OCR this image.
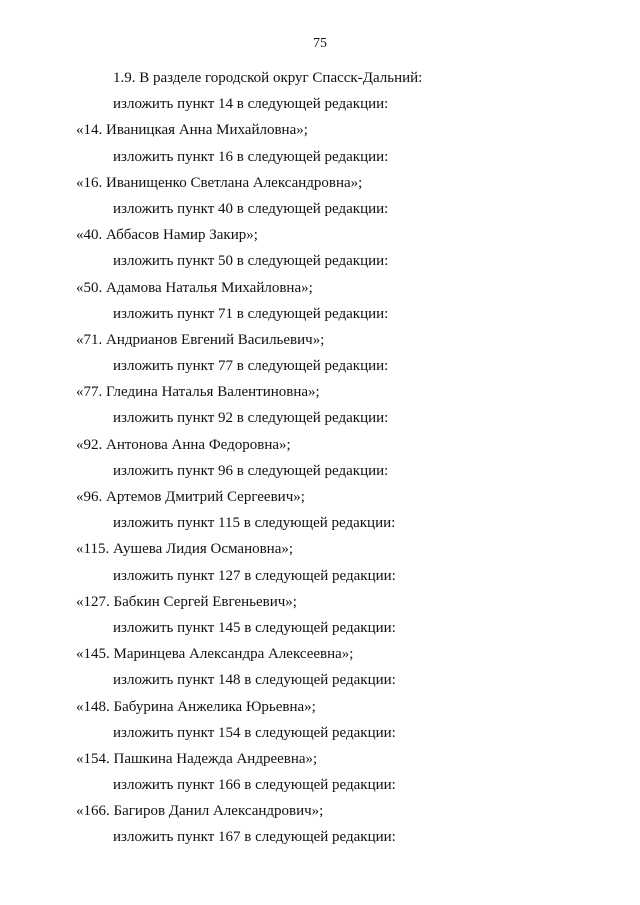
75
1.9. В разделе городской округ Спасск-Дальний:
изложить пункт 14 в следующей редакции:
«14. Иваницкая Анна Михайловна»;
изложить пункт 16 в следующей редакции:
«16. Иванищенко Светлана Александровна»;
изложить пункт 40 в следующей редакции:
«40. Аббасов Намир Закир»;
изложить пункт 50 в следующей редакции:
«50. Адамова Наталья Михайловна»;
изложить пункт 71 в следующей редакции:
«71. Андрианов Евгений Васильевич»;
изложить пункт 77 в следующей редакции:
«77. Гледина Наталья Валентиновна»;
изложить пункт 92 в следующей редакции:
«92. Антонова Анна Федоровна»;
изложить пункт 96 в следующей редакции:
«96. Артемов Дмитрий Сергеевич»;
изложить пункт 115 в следующей редакции:
«115. Аушева Лидия Османовна»;
изложить пункт 127 в следующей редакции:
«127. Бабкин Сергей Евгеньевич»;
изложить пункт 145 в следующей редакции:
«145. Маринцева Александра Алексеевна»;
изложить пункт 148 в следующей редакции:
«148. Бабурина Анжелика Юрьевна»;
изложить пункт 154 в следующей редакции:
«154. Пашкина Надежда Андреевна»;
изложить пункт 166 в следующей редакции:
«166. Багиров Данил Александрович»;
изложить пункт 167 в следующей редакции:
